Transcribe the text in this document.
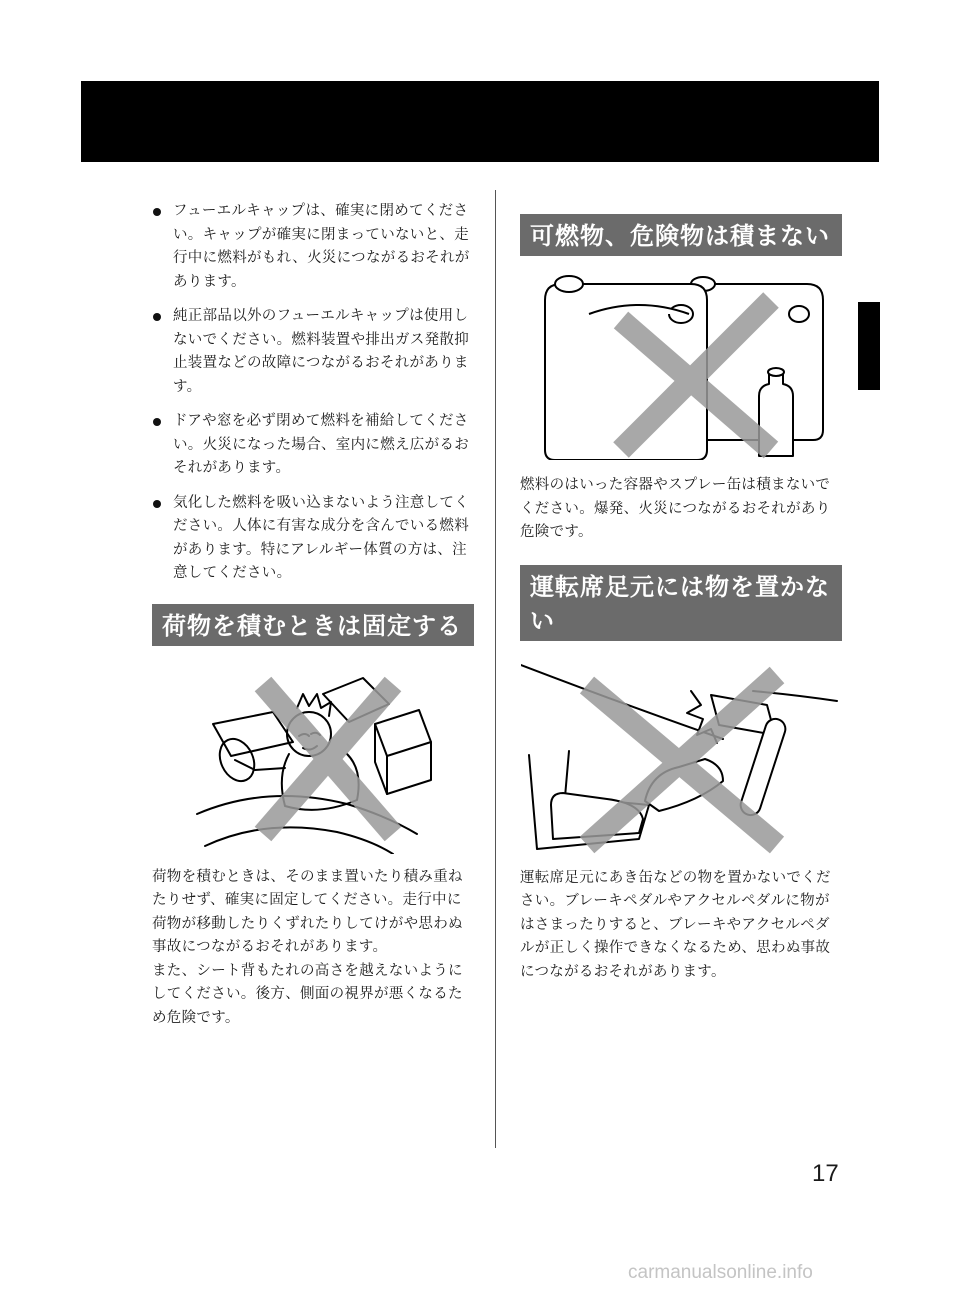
フューエルキャップは、確実に閉めてください。キャップが確実に閉まっていないと、走行中に燃料がもれ、火災につながるおそれがあります。
純正部品以外のフューエルキャップは使用しないでください。燃料装置や排出ガス発散抑止装置などの故障につながるおそれがあります。
ドアや窓を必ず閉めて燃料を補給してください。火災になった場合、室内に燃え広がるおそれがあります。
気化した燃料を吸い込まないよう注意してください。人体に有害な成分を含んでいる燃料があります。特にアレルギー体質の方は、注意してください。
荷物を積むときは固定する

荷物を積むときは、そのまま置いたり積み重ねたりせず、確実に固定してください。走行中に荷物が移動したりくずれたりしてけがや思わぬ事故につながるおそれがあります。

また、シート背もたれの高さを越えないようにしてください。後方、側面の視界が悪くなるため危険です。

可燃物、危険物は積まない

燃料のはいった容器やスプレー缶は積まないでください。爆発、火災につながるおそれがあり危険です。

運転席足元には物を置かない

運転席足元にあき缶などの物を置かないでください。ブレーキペダルやアクセルペダルに物がはさまったりすると、ブレーキやアクセルペダルが正しく操作できなくなるため、思わぬ事故につながるおそれがあります。

17
carmanualsonline.info
